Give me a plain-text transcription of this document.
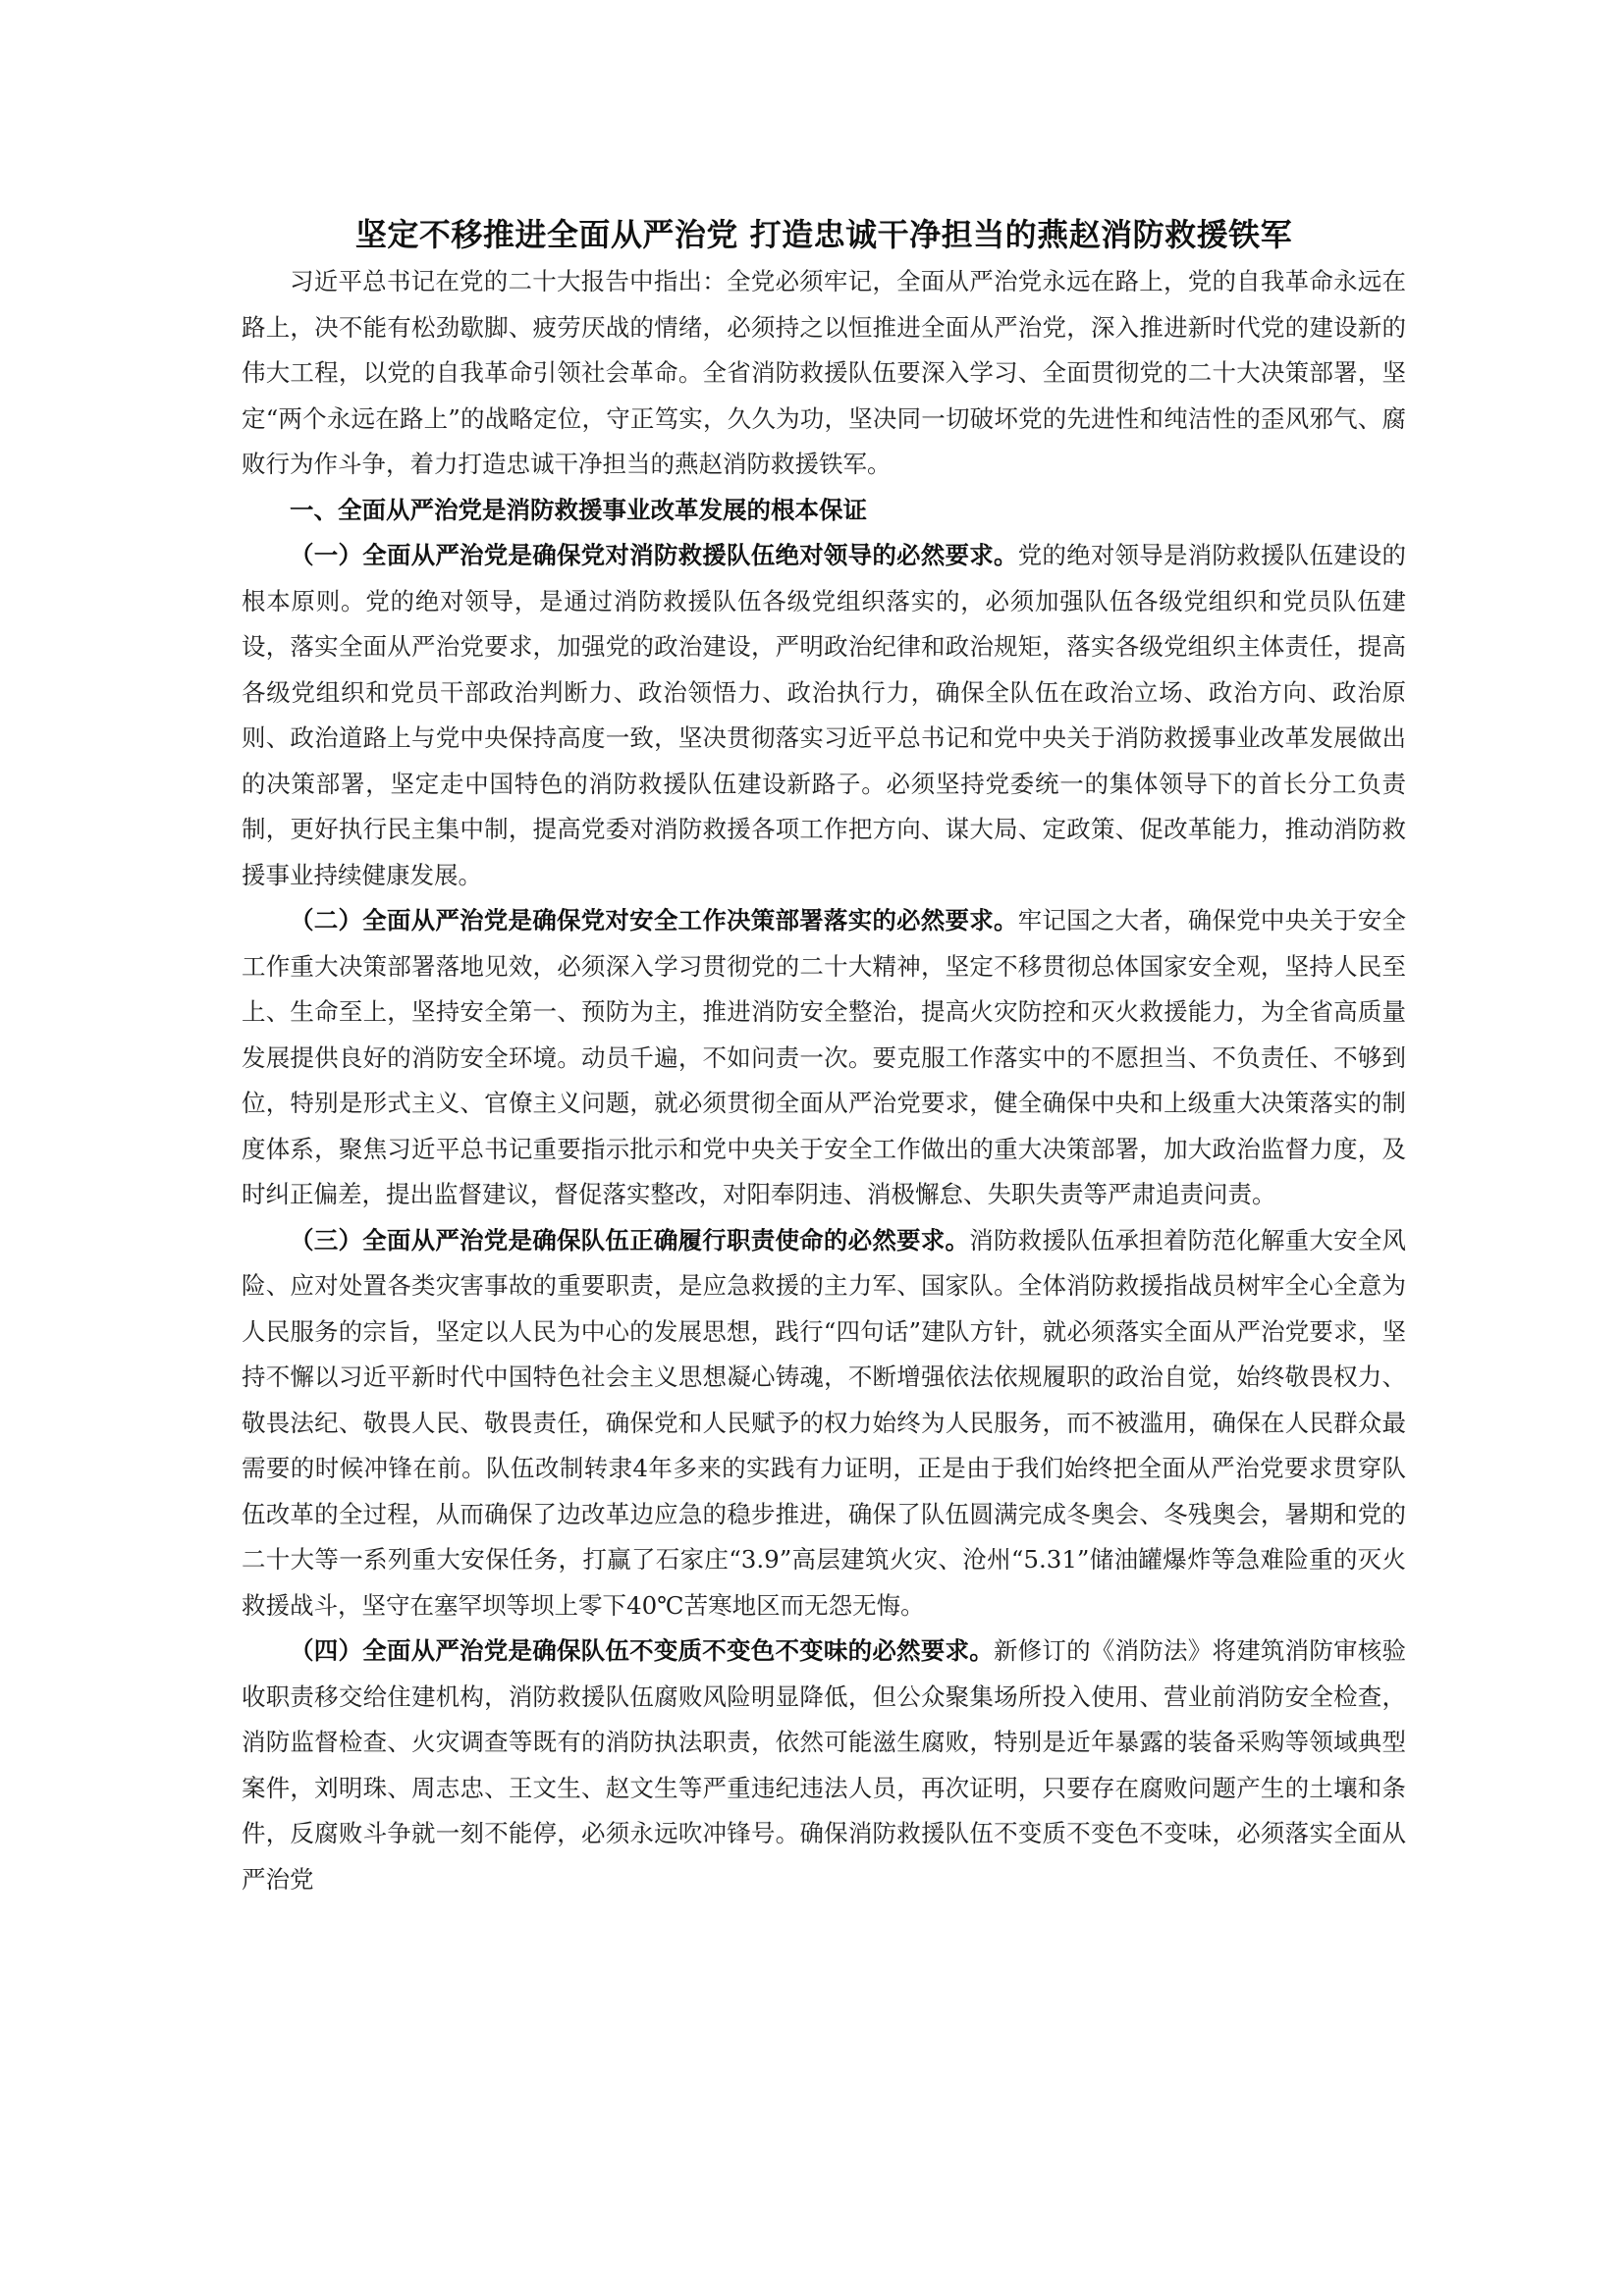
坚定不移推进全面从严治党 打造忠诚干净担当的燕赵消防救援铁军

习近平总书记在党的二十大报告中指出：全党必须牢记，全面从严治党永远在路上，党的自我革命永远在路上，决不能有松劲歇脚、疲劳厌战的情绪，必须持之以恒推进全面从严治党，深入推进新时代党的建设新的伟大工程，以党的自我革命引领社会革命。全省消防救援队伍要深入学习、全面贯彻党的二十大决策部署，坚定“两个永远在路上”的战略定位，守正笃实，久久为功，坚决同一切破坏党的先进性和纯洁性的歪风邪气、腐败行为作斗争，着力打造忠诚干净担当的燕赵消防救援铁军。

一、全面从严治党是消防救援事业改革发展的根本保证

（一）全面从严治党是确保党对消防救援队伍绝对领导的必然要求。党的绝对领导是消防救援队伍建设的根本原则。党的绝对领导，是通过消防救援队伍各级党组织落实的，必须加强队伍各级党组织和党员队伍建设，落实全面从严治党要求，加强党的政治建设，严明政治纪律和政治规矩，落实各级党组织主体责任，提高各级党组织和党员干部政治判断力、政治领悟力、政治执行力，确保全队伍在政治立场、政治方向、政治原则、政治道路上与党中央保持高度一致，坚决贯彻落实习近平总书记和党中央关于消防救援事业改革发展做出的决策部署，坚定走中国特色的消防救援队伍建设新路子。必须坚持党委统一的集体领导下的首长分工负责制，更好执行民主集中制，提高党委对消防救援各项工作把方向、谋大局、定政策、促改革能力，推动消防救援事业持续健康发展。

（二）全面从严治党是确保党对安全工作决策部署落实的必然要求。牢记国之大者，确保党中央关于安全工作重大决策部署落地见效，必须深入学习贯彻党的二十大精神，坚定不移贯彻总体国家安全观，坚持人民至上、生命至上，坚持安全第一、预防为主，推进消防安全整治，提高火灾防控和灭火救援能力，为全省高质量发展提供良好的消防安全环境。动员千遍，不如问责一次。要克服工作落实中的不愿担当、不负责任、不够到位，特别是形式主义、官僚主义问题，就必须贯彻全面从严治党要求，健全确保中央和上级重大决策落实的制度体系，聚焦习近平总书记重要指示批示和党中央关于安全工作做出的重大决策部署，加大政治监督力度，及时纠正偏差，提出监督建议，督促落实整改，对阳奉阴违、消极懈怠、失职失责等严肃追责问责。

（三）全面从严治党是确保队伍正确履行职责使命的必然要求。消防救援队伍承担着防范化解重大安全风险、应对处置各类灾害事故的重要职责，是应急救援的主力军、国家队。全体消防救援指战员树牢全心全意为人民服务的宗旨，坚定以人民为中心的发展思想，践行“四句话”建队方针，就必须落实全面从严治党要求，坚持不懈以习近平新时代中国特色社会主义思想凝心铸魂，不断增强依法依规履职的政治自觉，始终敬畏权力、敬畏法纪、敬畏人民、敬畏责任，确保党和人民赋予的权力始终为人民服务，而不被滥用，确保在人民群众最需要的时候冲锋在前。队伍改制转隶4年多来的实践有力证明，正是由于我们始终把全面从严治党要求贯穿队伍改革的全过程，从而确保了边改革边应急的稳步推进，确保了队伍圆满完成冬奥会、冬残奥会，暑期和党的二十大等一系列重大安保任务，打赢了石家庄“3.9”高层建筑火灾、沧州“5.31”储油罐爆炸等急难险重的灭火救援战斗，坚守在塞罕坝等坝上零下40℃苦寒地区而无怨无悔。

（四）全面从严治党是确保队伍不变质不变色不变味的必然要求。新修订的《消防法》将建筑消防审核验收职责移交给住建机构，消防救援队伍腐败风险明显降低，但公众聚集场所投入使用、营业前消防安全检查，消防监督检查、火灾调查等既有的消防执法职责，依然可能滋生腐败，特别是近年暴露的装备采购等领域典型案件，刘明珠、周志忠、王文生、赵文生等严重违纪违法人员，再次证明，只要存在腐败问题产生的土壤和条件，反腐败斗争就一刻不能停，必须永远吹冲锋号。确保消防救援队伍不变质不变色不变味，必须落实全面从严治党
